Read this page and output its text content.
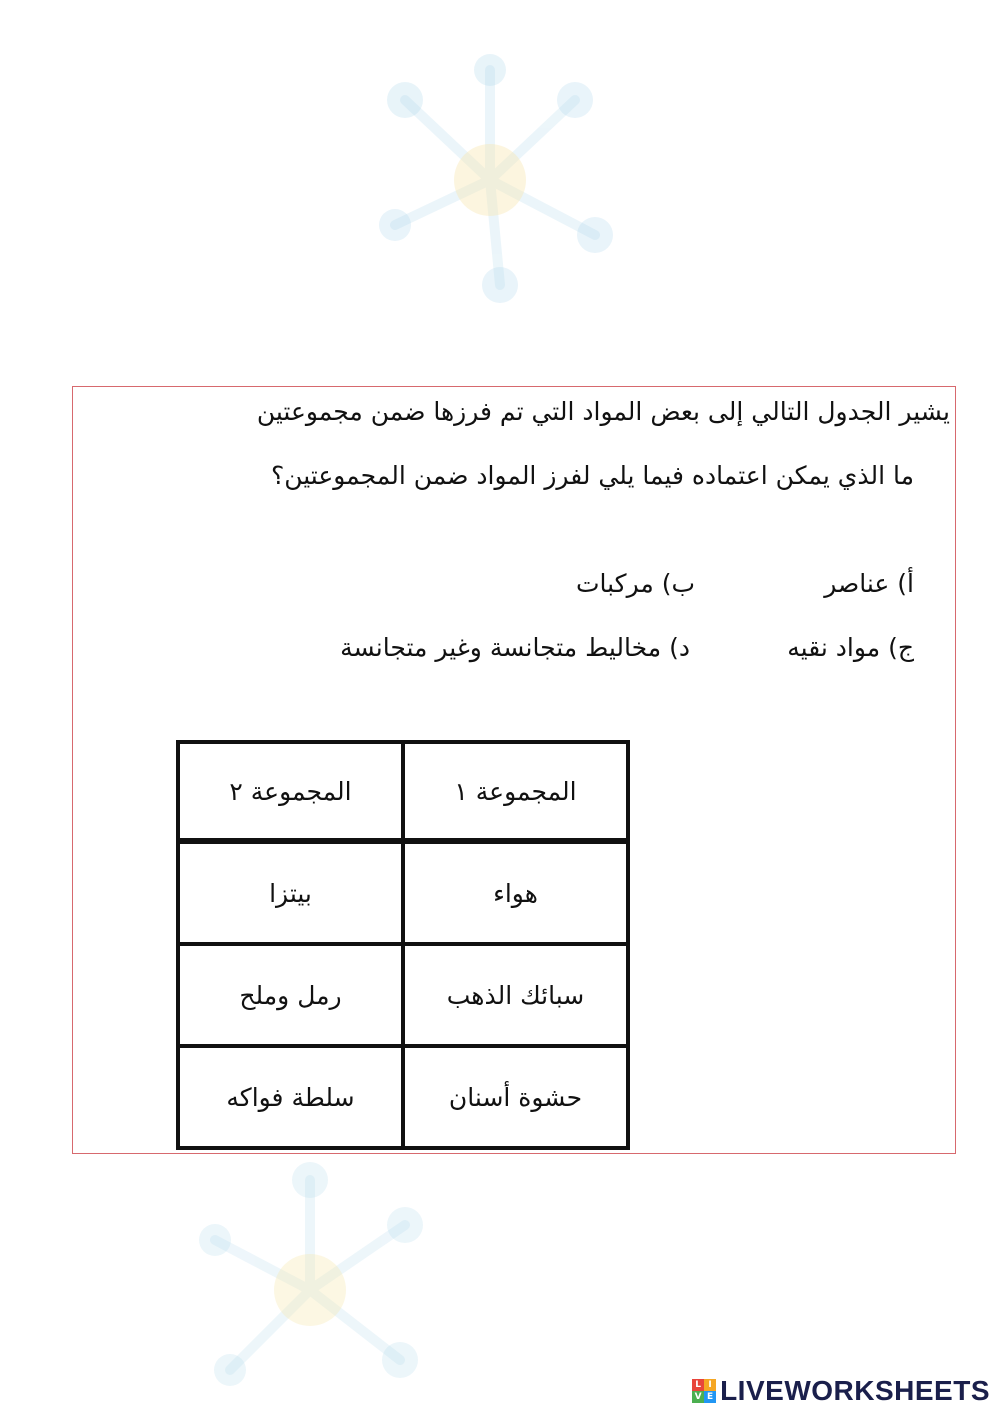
يشير الجدول التالي إلى بعض المواد التي تم فرزها ضمن مجموعتين

ما الذي يمكن اعتماده فيما يلي لفرز المواد ضمن المجموعتين؟

أ) عناصر
ب) مركبات
ج) مواد نقيه
د) مخاليط متجانسة وغير متجانسة
المجموعة ١	المجموعة ٢
هواء	بيتزا
سبائك الذهب	رمل وملح
حشوة أسنان	سلطة فواكه
L I
V E LIVEWORKSHEETS
